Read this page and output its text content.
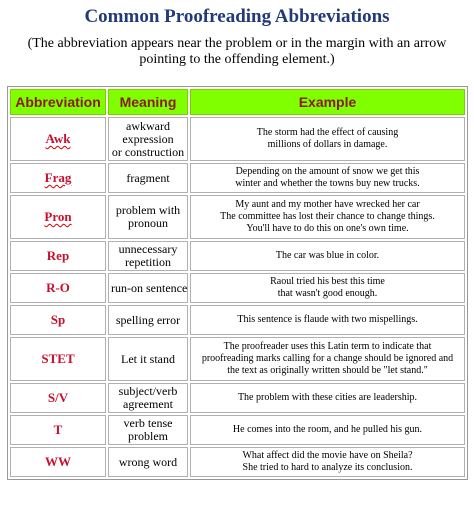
Common Proofreading Abbreviations
(The abbreviation appears near the problem or in the margin with an arrow pointing to the offending element.)
Abbreviation	Meaning	Example
Awk	awkward
expression
or construction	The storm had the effect of causing
millions of dollars in damage.

Frag	fragment	Depending on the amount of snow we get this
winter and whether the towns buy new trucks.

Pron	problem with
pronoun	My aunt and my mother have wrecked her car
The committee has lost their chance to change things.
You'll have to do this on one's own time.

Rep	unnecessary
repetition	The car was blue in color.

R-O	run-on sentence	Raoul tried his best this time
that wasn't good enough.

Sp	spelling error	This sentence is flaude with two mispellings.

STET	Let it stand	The proofreader uses this Latin term to indicate that
proofreading marks calling for a change should be ignored and
the text as originally written should be "let stand."

S/V	subject/verb
agreement	The problem with these cities are leadership.

T	verb tense
problem	He comes into the room, and he pulled his gun.

WW	wrong word	What affect did the movie have on Sheila?
She tried to hard to analyze its conclusion.
